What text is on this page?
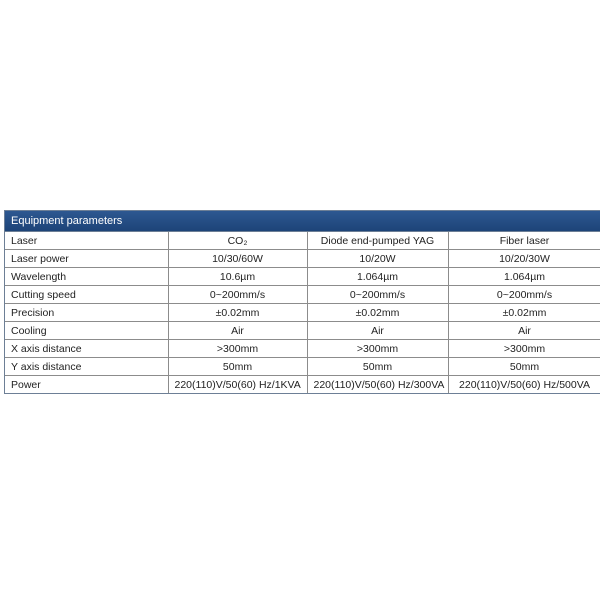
Equipment parameters
Laser	CO₂	Diode end-pumped YAG	Fiber laser
Laser power	10/30/60W	10/20W	10/20/30W
Wavelength	10.6µm	1.064µm	1.064µm
Cutting speed	0~200mm/s	0~200mm/s	0~200mm/s
Precision	±0.02mm	±0.02mm	±0.02mm
Cooling	Air	Air	Air
X axis distance	>300mm	>300mm	>300mm
Y axis distance	50mm	50mm	50mm
Power	220(110)V/50(60) Hz/1KVA	220(110)V/50(60) Hz/300VA	220(110)V/50(60) Hz/500VA
